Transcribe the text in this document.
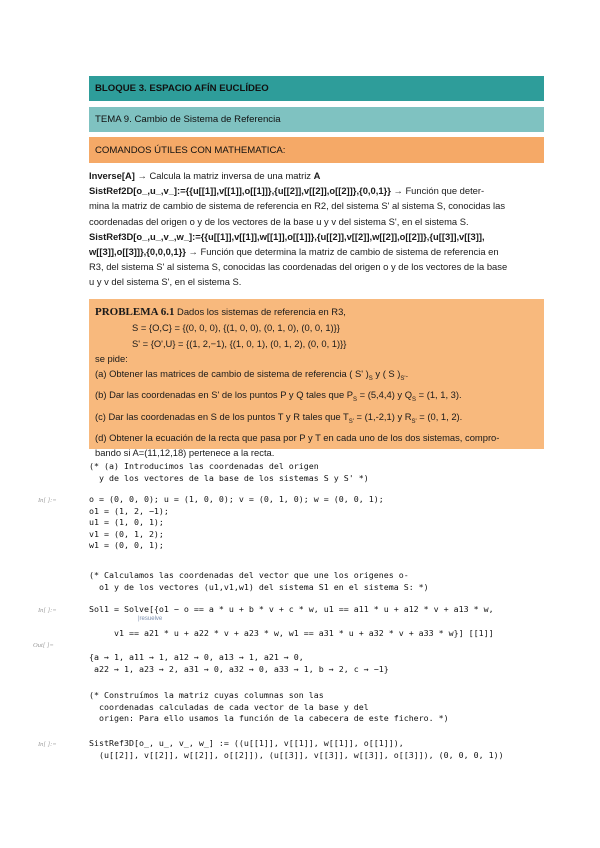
BLOQUE 3. ESPACIO AFÍN EUCLÍDEO
TEMA 9. Cambio de Sistema de Referencia
COMANDOS ÚTILES CON MATHEMATICA:
Inverse[A] → Calcula la matriz inversa de una matriz A
SistRef2D[o_,u_,v_]:={{u[[1]],v[[1]],o[[1]]},{u[[2]],v[[2]],o[[2]]},{0,0,1}} → Función que deter-
mina la matriz de cambio de sistema de referencia en R2, del sistema S' al sistema S, conocidas las
coordenadas del origen o y de los vectores de la base u y v del sistema S', en el sistema S.
SistRef3D[o_,u_,v_,w_]:={{u[[1]],v[[1]],w[[1]],o[[1]]},{u[[2]],v[[2]],w[[2]],o[[2]]},{u[[3]],v[[3]],
w[[3]],o[[3]]},{0,0,0,1}} → Función que determina la matriz de cambio de sistema de referencia en
R3, del sistema S' al sistema S, conocidas las coordenadas del origen o y de los vectores de la base
u y v del sistema S', en el sistema S.
PROBLEMA 6.1 Dados los sistemas de referencia en R3,
S = {O,C} = {(0, 0, 0), {(1, 0, 0), (0, 1, 0), (0, 0, 1)}}
S' = {O',U} = {(1, 2,−1), {(1, 0, 1), (0, 1, 2), (0, 0, 1)}}
se pide:
(a) Obtener las matrices de cambio de sistema de referencia ( S' )$_S$ y ( S )$_{S'}$.
(b) Dar las coordenadas en S' de los puntos P y Q tales que $P_S = (5,4,4)$ y $Q_S = (1$, 1, 3).
(c) Dar las coordenadas en S de los puntos T y R tales que $T_{S'} = (1,-2,1)$ y $R_{S'} = (0$, 1, 2).
(d) Obtener la ecuación de la recta que pasa por P y T en cada uno de los dos sistemas, compro-
bando si A=(11,12,18) pertenece a la recta.
(* (a) Introducimos las coordenadas del origen
y de los vectores de la base de los sistemas S y S' *)
In[ ]:=	o = (0, 0, 0); u = (1, 0, 0); v = (0, 1, 0); w = (0, 0, 1);
o1 = (1, 2, −1);
u1 = (1, 0, 1);
v1 = (0, 1, 2);
w1 = (0, 0, 1);
(* Calculamos las coordenadas del vector que une los origenes o-
o1 y de los vectores (u1,v1,w1) del sistema S1 en el sistema S: *)
In[ ]:=	Sol1 = Solve[{o1 − o == a * u + b * v + c * w, u1 == a11 * u + a12 * v + a13 * w,
|resuelve
v1 == a21 * u + a22 * v + a23 * w, w1 == a31 * u + a32 * v + a33 * w}] [[1]]
Out[ ]=
{a → 1, a11 → 1, a12 → 0, a13 → 1, a21 → 0,
a22 → 1, a23 → 2, a31 → 0, a32 → 0, a33 → 1, b → 2, c → −1}
(* Construímos la matriz cuyas columnas son las
coordenadas calculadas de cada vector de la base y del
origen: Para ello usamos la función de la cabecera de este fichero. *)
In[ ]:=	SistRef3D[o_, u_, v_, w_] := ((u[[1]], v[[1]], w[[1]], o[[1]]),
(u[[2]], v[[2]], w[[2]], o[[2]]), (u[[3]], v[[3]], w[[3]], o[[3]]), (0, 0, 0, 1))
